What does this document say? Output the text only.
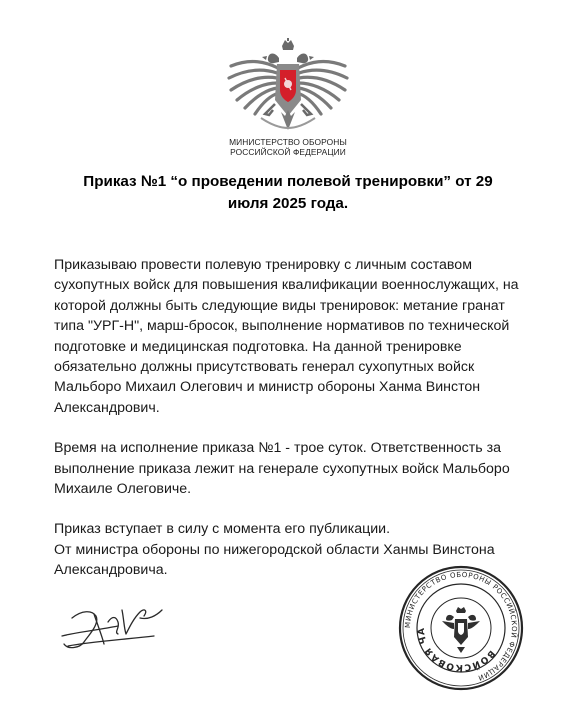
МИНИСТЕРСТВО ОБОРОНЫ
РОССИЙСКОЙ ФЕДЕРАЦИИ
Приказ №1 “о проведении полевой тренировки” от 29
июля 2025 года.

Приказываю провести полевую тренировку с личным составом сухопутных войск для повышения квалификации военнослужащих, на которой должны быть следующие виды тренировок: метание гранат типа "УРГ-Н", марш-бросок, выполнение нормативов по технической подготовке и медицинская подготовка. На данной тренировке обязательно должны присутствовать генерал сухопутных войск Мальборо Михаил Олегович и министр обороны Ханма Винстон Александрович.

Время на исполнение приказа №1 - трое суток. Ответственность за выполнение приказа лежит на генерале сухопутных войск Мальборо Михаиле Олеговиче.

Приказ вступает в силу с момента его публикации.

От министра обороны по нижегородской области Ханмы Винстона Александровича.

МИНИСТЕРСТВО ОБОРОНЫ РОССИЙСКОЙ ФЕДЕРАЦИИ
ВОЙСКОВАЯ ЧА
